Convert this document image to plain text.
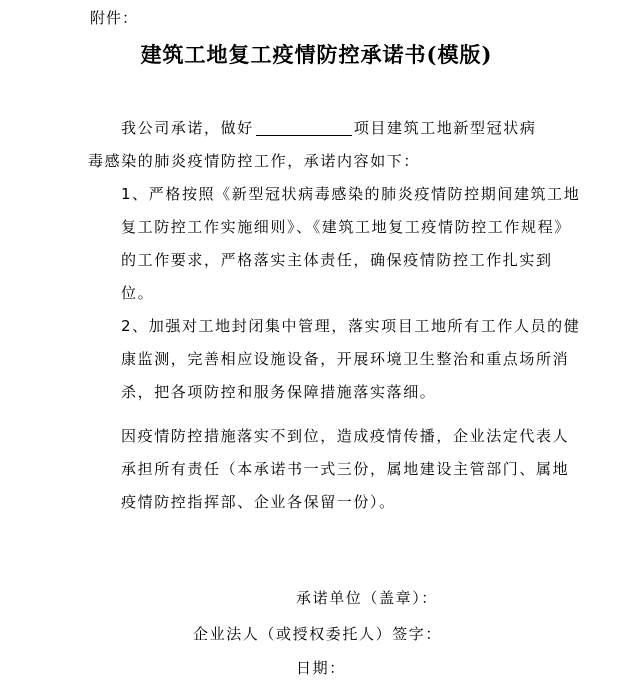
附件：
建筑工地复工疫情防控承诺书(模版)

我公司承诺，做好	项目建筑工地新型冠状病毒感染的肺炎疫情防控工作，承诺内容如下：

1、严格按照《新型冠状病毒感染的肺炎疫情防控期间建筑工地复工防控工作实施细则》、《建筑工地复工疫情防控工作规程》的工作要求，严格落实主体责任，确保疫情防控工作扎实到位。

2、加强对工地封闭集中管理，落实项目工地所有工作人员的健康监测，完善相应设施设备，开展环境卫生整治和重点场所消杀，把各项防控和服务保障措施落实落细。

因疫情防控措施落实不到位，造成疫情传播，企业法定代表人承担所有责任（本承诺书一式三份，属地建设主管部门、属地疫情防控指挥部、企业各保留一份）。

承诺单位（盖章）：
企业法人（或授权委托人）签字：
日期：
